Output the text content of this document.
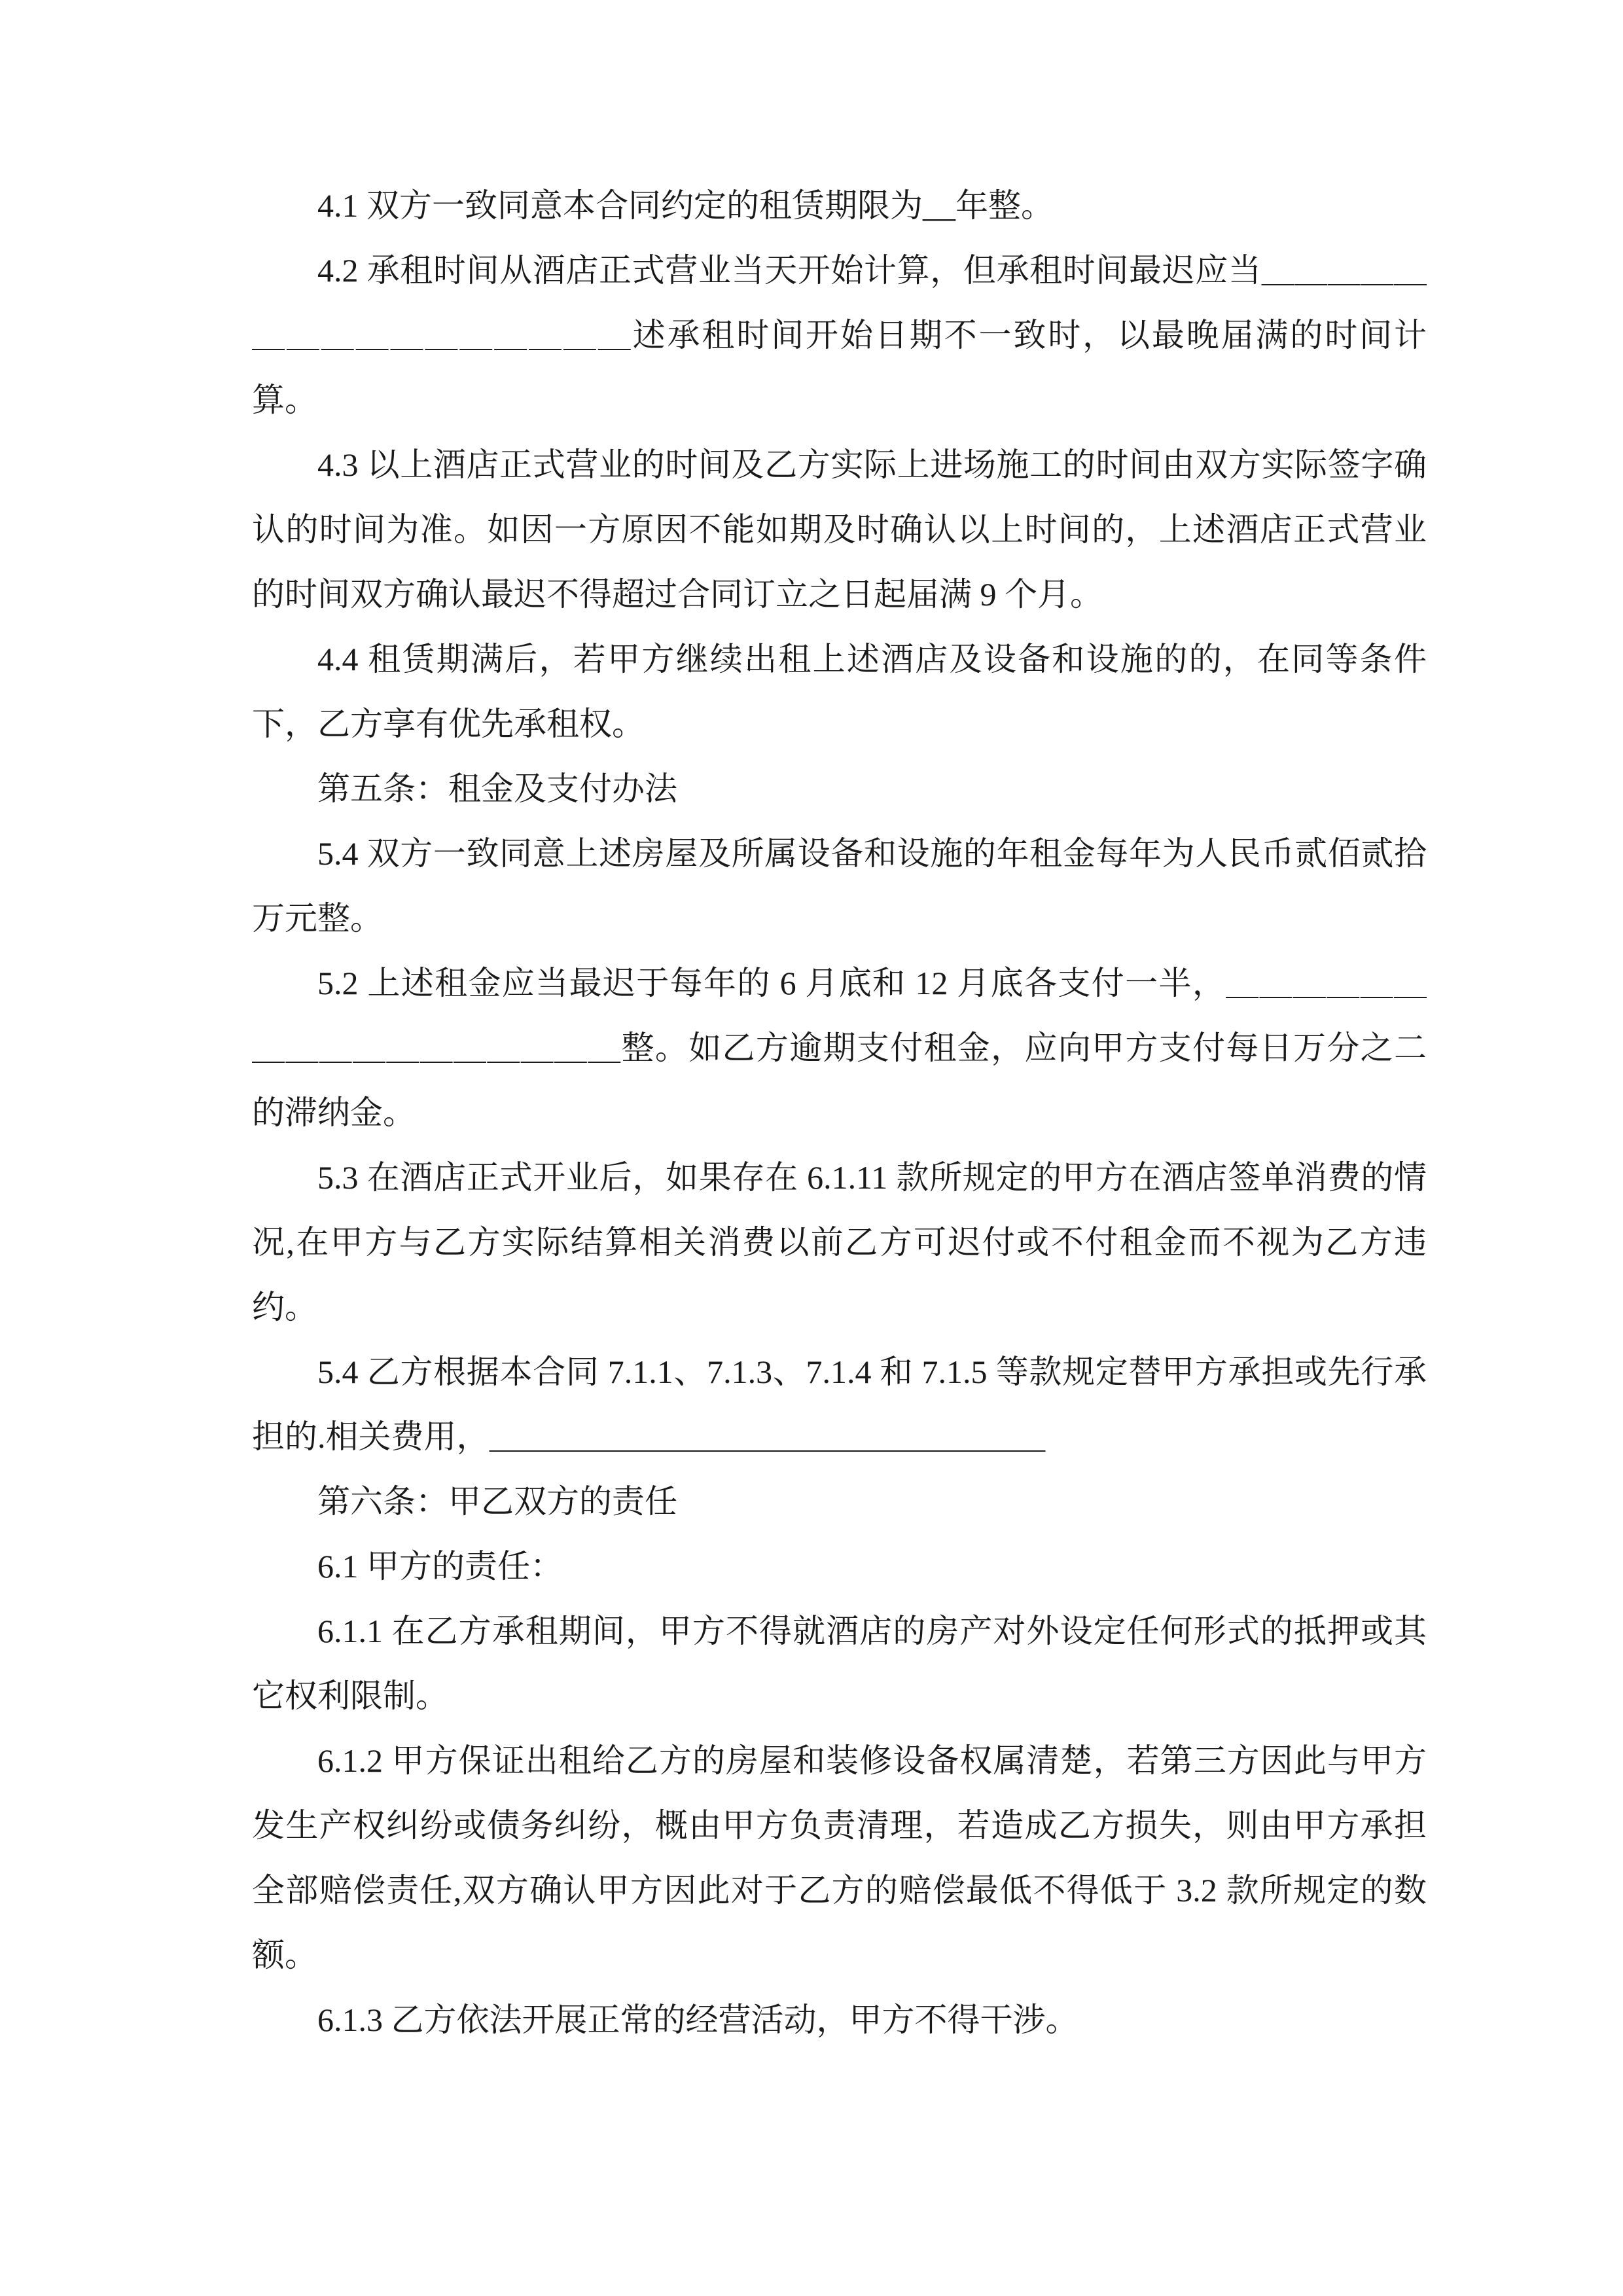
4.1 双方一致同意本合同约定的租赁期限为__年整。

4.2 承租时间从酒店正式营业当天开始计算，但承租时间最迟应当＿＿＿＿＿＿＿＿＿＿＿＿＿＿＿＿述承租时间开始日期不一致时，以最晚届满的时间计算。

4.3 以上酒店正式营业的时间及乙方实际上进场施工的时间由双方实际签字确认的时间为准。如因一方原因不能如期及时确认以上时间的，上述酒店正式营业的时间双方确认最迟不得超过合同订立之日起届满 9 个月。

4.4 租赁期满后，若甲方继续出租上述酒店及设备和设施的的，在同等条件下，乙方享有优先承租权。

第五条：租金及支付办法

5.4 双方一致同意上述房屋及所属设备和设施的年租金每年为人民币贰佰贰拾万元整。

5.2 上述租金应当最迟于每年的 6 月底和 12 月底各支付一半，＿＿＿＿＿＿＿＿＿＿＿＿＿＿＿＿＿整。如乙方逾期支付租金，应向甲方支付每日万分之二的滞纳金。

5.3 在酒店正式开业后，如果存在 6.1.11 款所规定的甲方在酒店签单消费的情况,在甲方与乙方实际结算相关消费以前乙方可迟付或不付租金而不视为乙方违约。

5.4 乙方根据本合同 7.1.1、7.1.3、7.1.4 和 7.1.5 等款规定替甲方承担或先行承担的.相关费用，＿＿＿＿＿＿＿＿＿＿＿＿＿＿＿＿＿

第六条：甲乙双方的责任

6.1 甲方的责任：

6.1.1 在乙方承租期间，甲方不得就酒店的房产对外设定任何形式的抵押或其它权利限制。

6.1.2 甲方保证出租给乙方的房屋和装修设备权属清楚，若第三方因此与甲方发生产权纠纷或债务纠纷，概由甲方负责清理，若造成乙方损失，则由甲方承担全部赔偿责任,双方确认甲方因此对于乙方的赔偿最低不得低于 3.2 款所规定的数额。

6.1.3 乙方依法开展正常的经营活动，甲方不得干涉。
